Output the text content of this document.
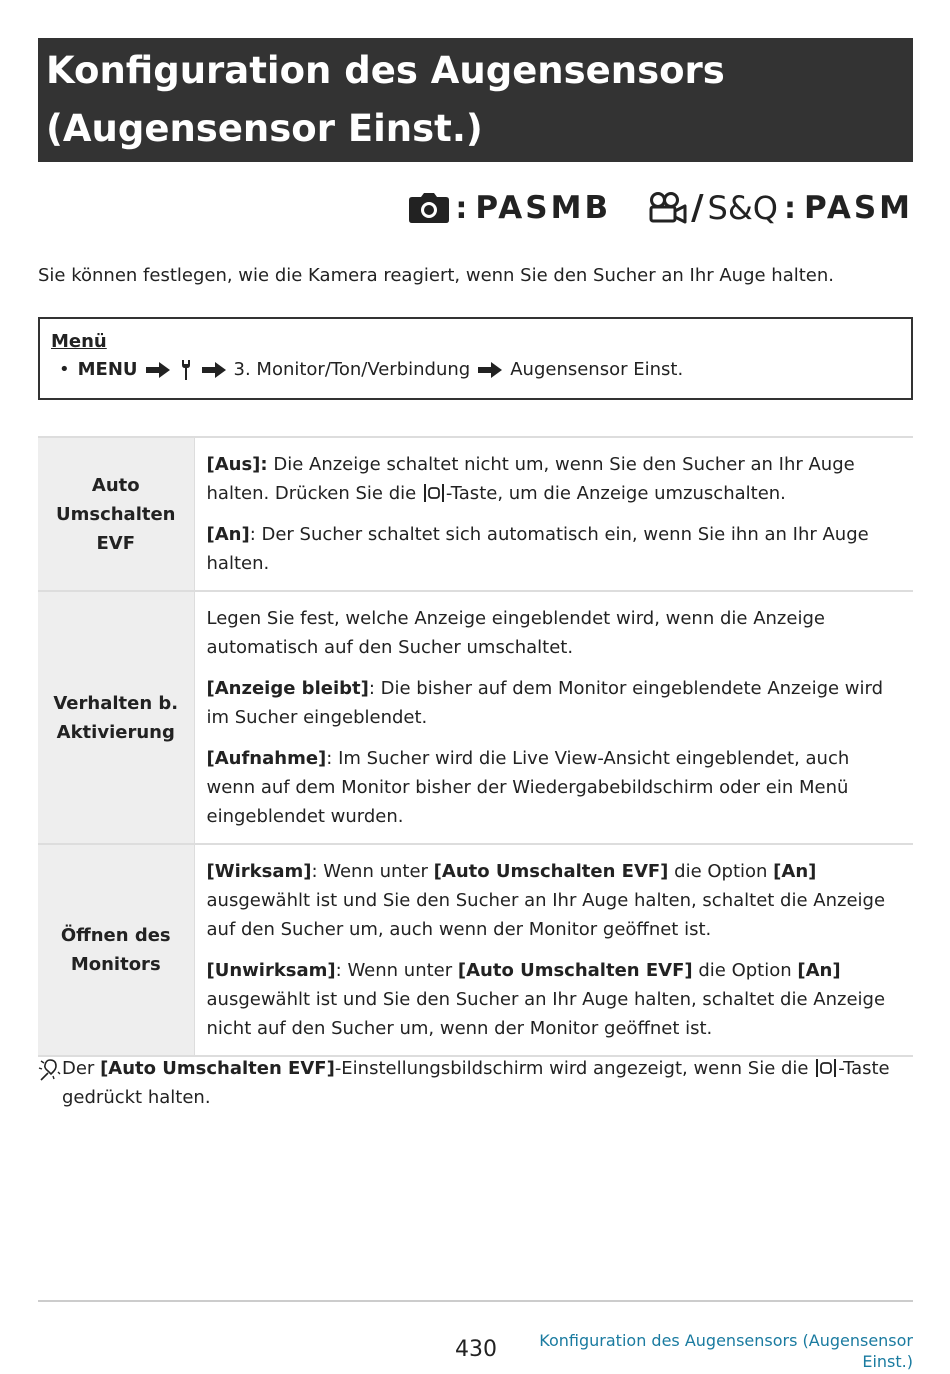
Konfiguration des Augensensors
(Augensensor Einst.)
: PASMB / S&Q : PASM
Sie können festlegen, wie die Kamera reagiert, wenn Sie den Sucher an Ihr Auge halten.
Menü
• MENU	3. Monitor/Ton/Verbindung Augensensor Einst.
Auto Umschalten EVF	[Aus]: Die Anzeige schaltet nicht um, wenn Sie den Sucher an Ihr Auge halten. Drücken Sie die -Taste, um die Anzeige umzuschalten.

[An]: Der Sucher schaltet sich automatisch ein, wenn Sie ihn an Ihr Auge halten.

Verhalten b. Aktivierung	Legen Sie fest, welche Anzeige eingeblendet wird, wenn die Anzeige automatisch auf den Sucher umschaltet.

[Anzeige bleibt]: Die bisher auf dem Monitor eingeblendete Anzeige wird im Sucher eingeblendet.

[Aufnahme]: Im Sucher wird die Live View-Ansicht eingeblendet, auch wenn auf dem Monitor bisher der Wiedergabebildschirm oder ein Menü eingeblendet wurden.

Öffnen des Monitors	[Wirksam]: Wenn unter [Auto Umschalten EVF] die Option [An] ausgewählt ist und Sie den Sucher an Ihr Auge halten, schaltet die Anzeige auf den Sucher um, auch wenn der Monitor geöffnet ist.

[Unwirksam]: Wenn unter [Auto Umschalten EVF] die Option [An] ausgewählt ist und Sie den Sucher an Ihr Auge halten, schaltet die Anzeige nicht auf den Sucher um, wenn der Monitor geöffnet ist.

Der [Auto Umschalten EVF]-Einstellungsbildschirm wird angezeigt, wenn Sie die -Taste gedrückt halten.
430	Konfiguration des Augensensors (Augensensor Einst.)
